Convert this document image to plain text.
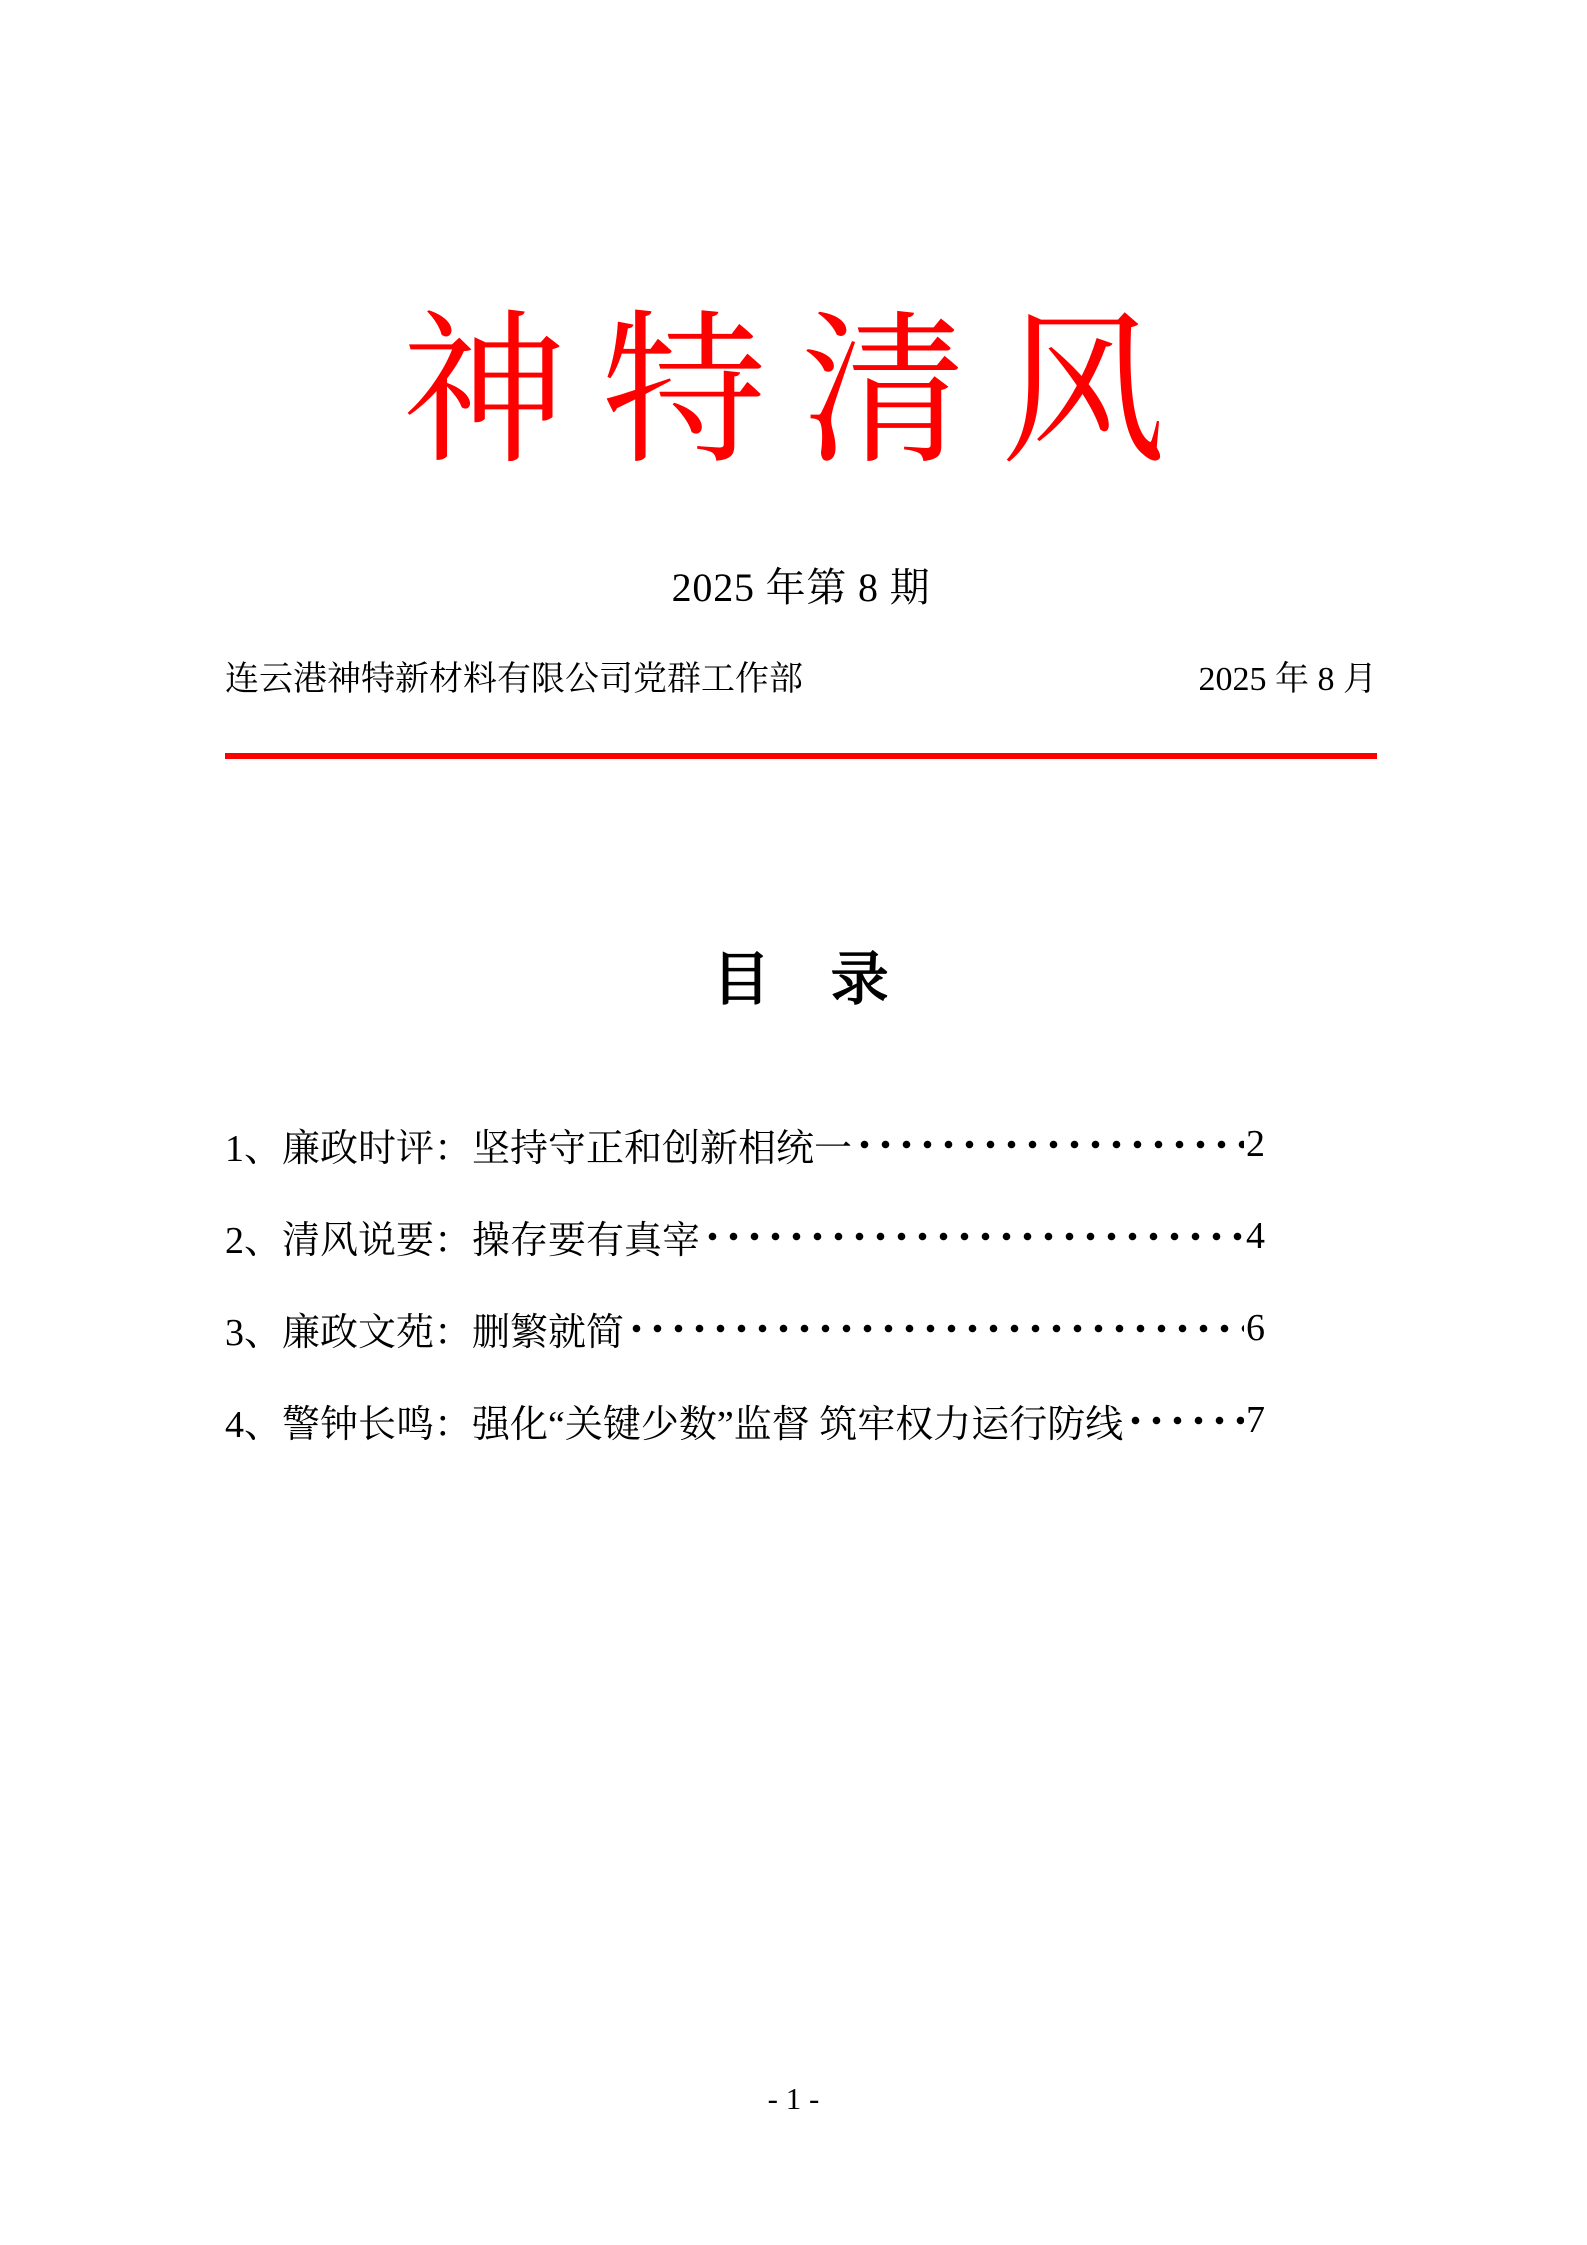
神特清风
2025 年第 8 期
连云港神特新材料有限公司党群工作部	2025 年 8 月
目　录
1、廉政时评：坚持守正和创新相统一	2
2、清风说要：操存要有真宰	4
3、廉政文苑：删繁就简	6
4、警钟长鸣：强化“关键少数”监督 筑牢权力运行防线	7
- 1 -
